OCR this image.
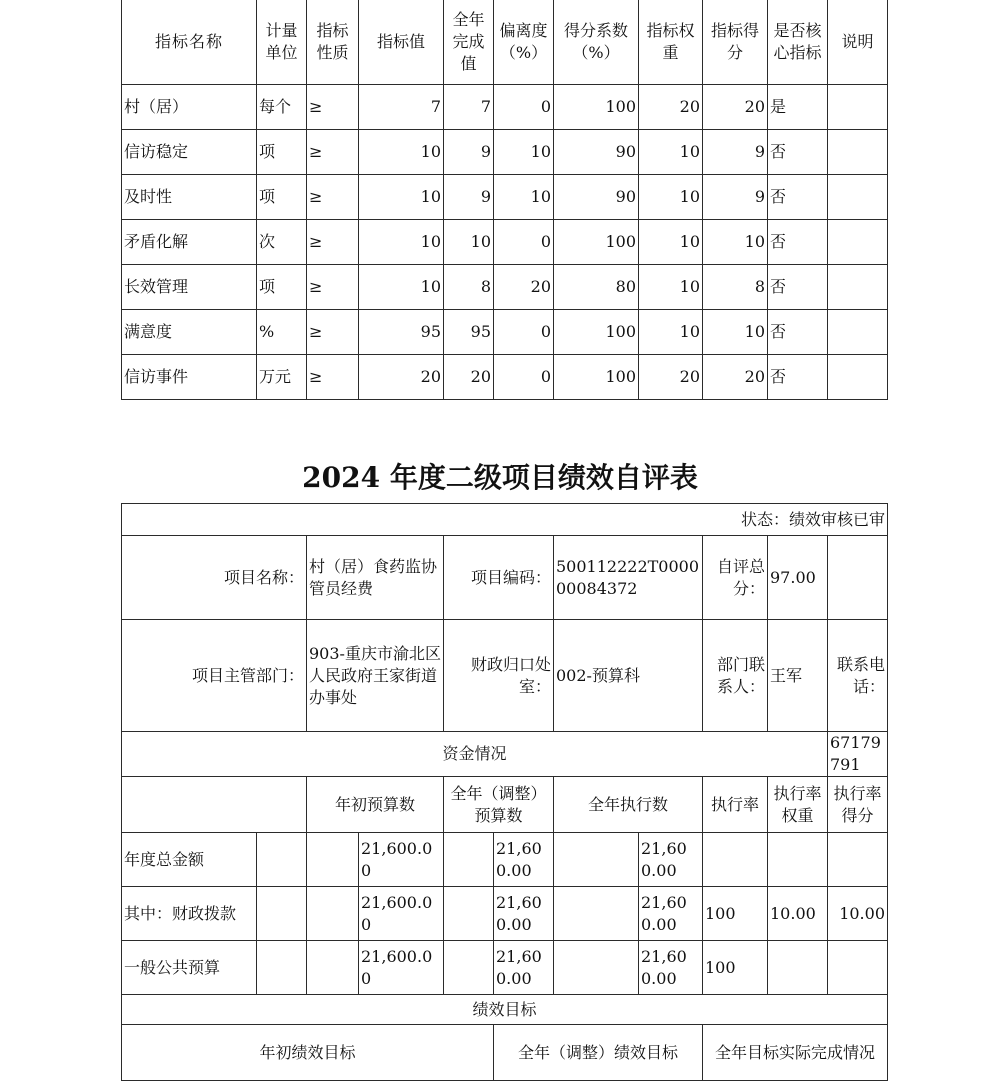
指标名称	计量单位	指标性质	指标值	全年完成值	偏离度（%）	得分系数（%）	指标权重	指标得分	是否核心指标	说明
村（居）	每个	≥	7	7	0	100	20	20	是	
信访稳定	项	≥	10	9	10	90	10	9	否	
及时性	项	≥	10	9	10	90	10	9	否	
矛盾化解	次	≥	10	10	0	100	10	10	否	
长效管理	项	≥	10	8	20	80	10	8	否	
满意度	%	≥	95	95	0	100	10	10	否	
信访事件	万元	≥	20	20	0	100	20	20	否	
2024 年度二级项目绩效自评表
状态：绩效审核已审										
项目名称：		村（居）食药监协管员经费		项目编码：		500112222T000000084372		自评总分：	97.00	
项目主管部门：		903-重庆市渝北区人民政府王家街道办事处		财政归口处室：		002-预算科		部门联系人：	王军	联系电话：
资金情况										67179791
		年初预算数		全年（调整）预算数		全年执行数		执行率	执行率权重	执行率得分
年度总金额			21,600.00		21,600.00		21,600.00			
其中：财政拨款			21,600.00		21,600.00		21,600.00	100	10.00	10.00
一般公共预算			21,600.00		21,600.00		21,600.00	100		
绩效目标										
年初绩效目标					全年（调整）绩效目标			全年目标实际完成情况		
